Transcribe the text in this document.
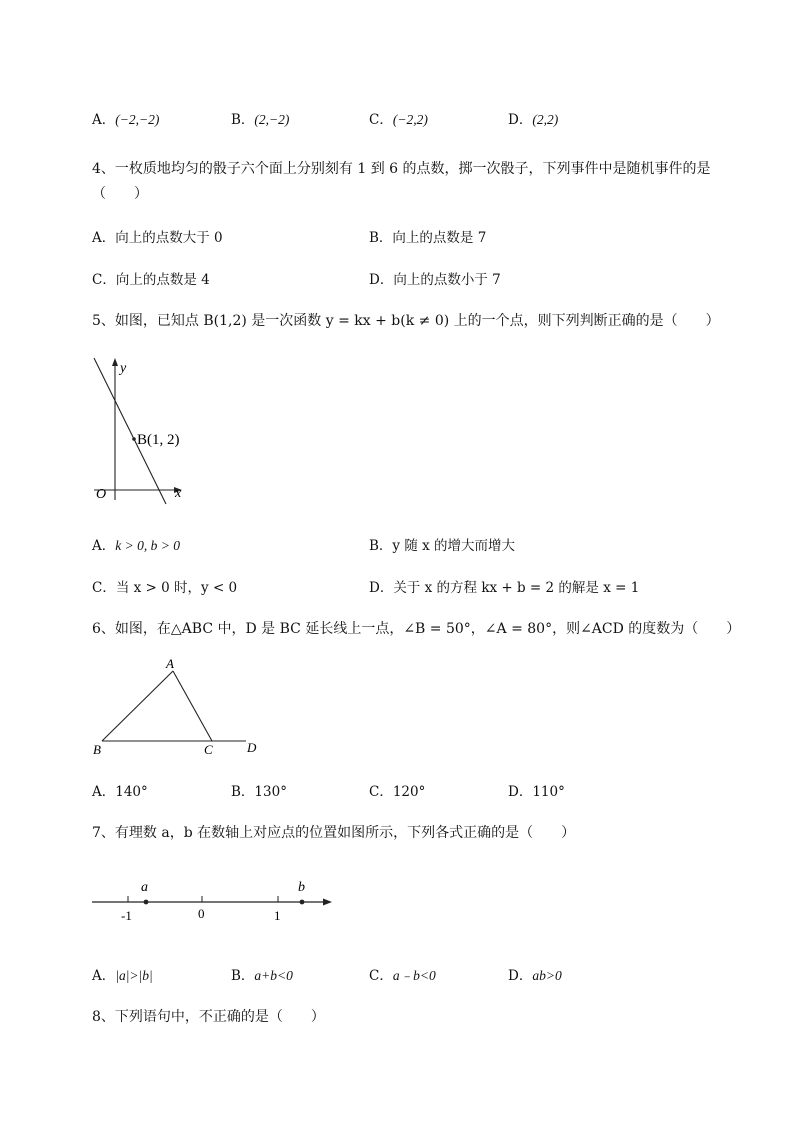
A．(−2,−2)	B．(2,−2)	C．(−2,2)	D．(2,2)
4、一枚质地均匀的骰子六个面上分别刻有 1 到 6 的点数，掷一次骰子，下列事件中是随机事件的是
（　　）
A．向上的点数大于 0	B．向上的点数是 7
C．向上的点数是 4	D．向上的点数小于 7
5、如图，已知点 B(1,2) 是一次函数 y = kx + b(k ≠ 0) 上的一个点，则下列判断正确的是（　　）
y
x
O
B(1, 2)
A．k > 0, b > 0	B．y 随 x 的增大而增大
C．当 x > 0 时，y < 0	D．关于 x 的方程 kx + b = 2 的解是 x = 1
6、如图，在△ABC 中，D 是 BC 延长线上一点，∠B = 50°，∠A = 80°，则∠ACD 的度数为（　　）
A
B	C	D
A．140°	B．130°	C．120°	D．110°
7、有理数 a，b 在数轴上对应点的位置如图所示，下列各式正确的是（　　）
a	b
-1	0	1
A．|a|>|b|	B．a+b<0	C．a﹣b<0	D．ab>0
8、下列语句中，不正确的是（　　）
